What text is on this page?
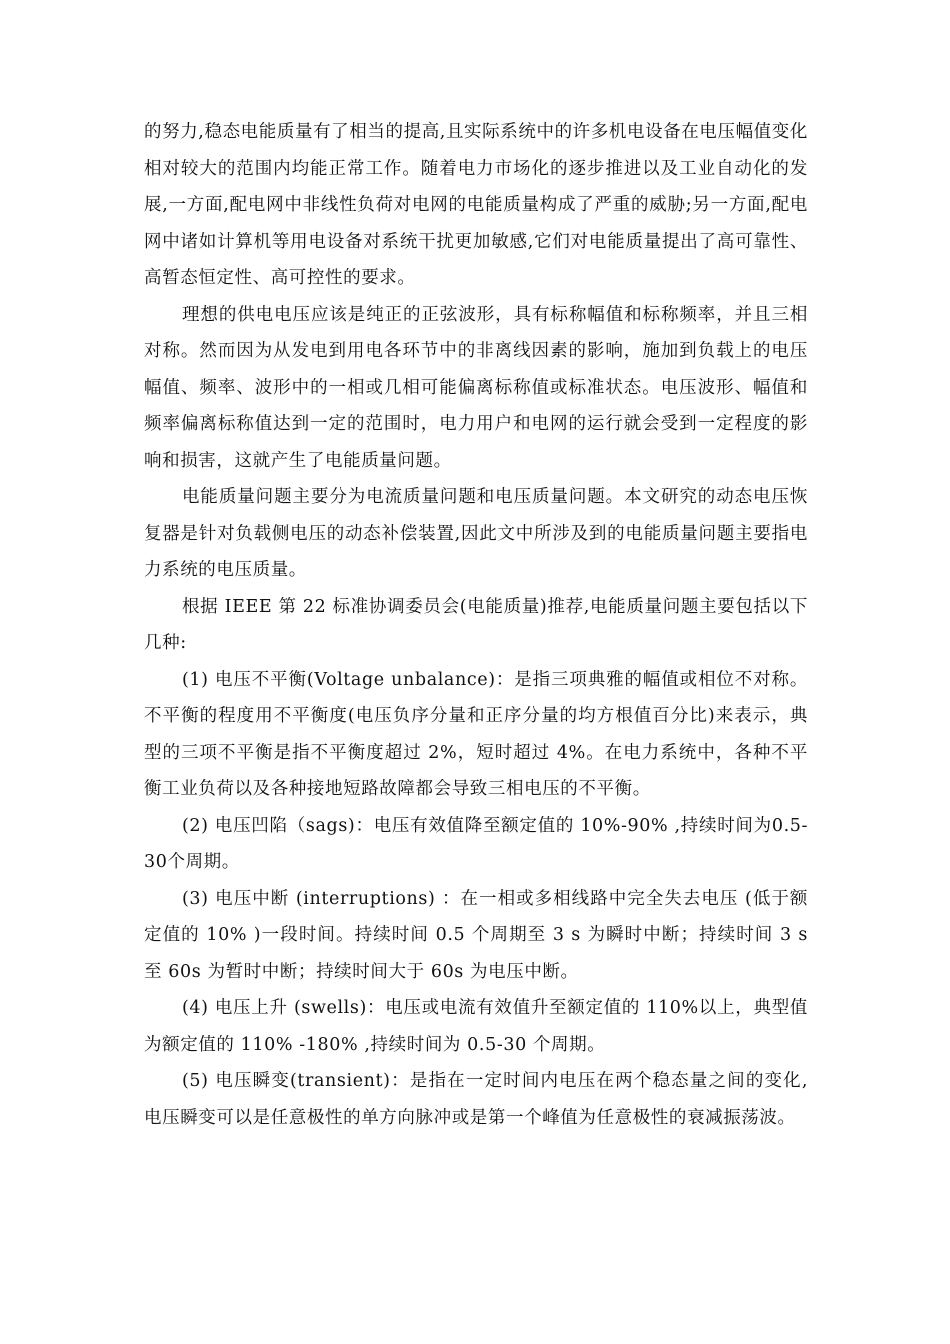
的努力,稳态电能质量有了相当的提高,且实际系统中的许多机电设备在电压幅值变化相对较大的范围内均能正常工作。随着电力市场化的逐步推进以及工业自动化的发展,一方面,配电网中非线性负荷对电网的电能质量构成了严重的威胁;另一方面,配电网中诸如计算机等用电设备对系统干扰更加敏感,它们对电能质量提出了高可靠性、高暂态恒定性、高可控性的要求。

理想的供电电压应该是纯正的正弦波形，具有标称幅值和标称频率，并且三相对称。然而因为从发电到用电各环节中的非离线因素的影响，施加到负载上的电压幅值、频率、波形中的一相或几相可能偏离标称值或标准状态。电压波形、幅值和频率偏离标称值达到一定的范围时，电力用户和电网的运行就会受到一定程度的影响和损害，这就产生了电能质量问题。

电能质量问题主要分为电流质量问题和电压质量问题。本文研究的动态电压恢复器是针对负载侧电压的动态补偿装置,因此文中所涉及到的电能质量问题主要指电力系统的电压质量。

根据 IEEE 第 22 标准协调委员会(电能质量)推荐,电能质量问题主要包括以下几种:

(1) 电压不平衡(Voltage unbalance)：是指三项典雅的幅值或相位不对称。不平衡的程度用不平衡度(电压负序分量和正序分量的均方根值百分比)来表示，典型的三项不平衡是指不平衡度超过 2%，短时超过 4%。在电力系统中，各种不平衡工业负荷以及各种接地短路故障都会导致三相电压的不平衡。

(2) 电压凹陷（sags)：电压有效值降至额定值的 10%-90% ,持续时间为0.5-30个周期。

(3) 电压中断 (interruptions) ：在一相或多相线路中完全失去电压 (低于额定值的 10% )一段时间。持续时间 0.5 个周期至 3 s 为瞬时中断；持续时间 3 s 至 60s 为暂时中断；持续时间大于 60s 为电压中断。

(4) 电压上升 (swells)：电压或电流有效值升至额定值的 110%以上，典型值为额定值的 110% -180% ,持续时间为 0.5-30 个周期。

(5) 电压瞬变(transient)：是指在一定时间内电压在两个稳态量之间的变化,电压瞬变可以是任意极性的单方向脉冲或是第一个峰值为任意极性的衰减振荡波。
